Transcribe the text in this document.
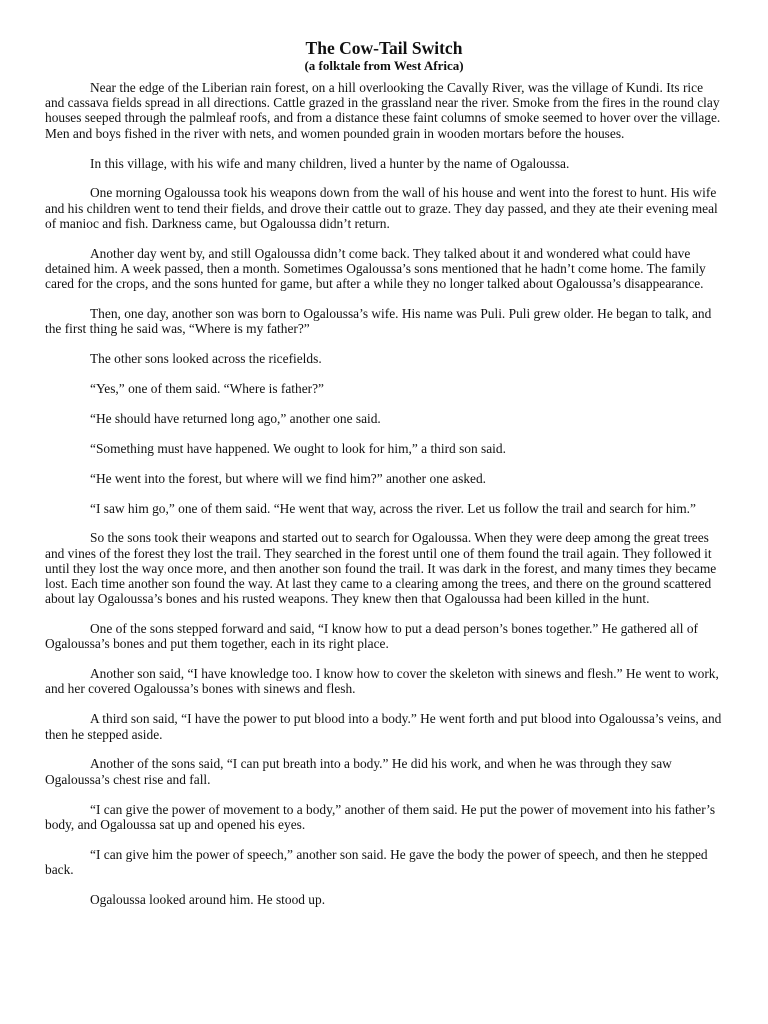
The Cow-Tail Switch
(a folktale from West Africa)

Near the edge of the Liberian rain forest, on a hill overlooking the Cavally River, was the village of Kundi. Its rice and cassava fields spread in all directions. Cattle grazed in the grassland near the river. Smoke from the fires in the round clay houses seeped through the palmleaf roofs, and from a distance these faint columns of smoke seemed to hover over the village. Men and boys fished in the river with nets, and women pounded grain in wooden mortars before the houses.

In this village, with his wife and many children, lived a hunter by the name of Ogaloussa.

One morning Ogaloussa took his weapons down from the wall of his house and went into the forest to hunt. His wife and his children went to tend their fields, and drove their cattle out to graze. They day passed, and they ate their evening meal of manioc and fish. Darkness came, but Ogaloussa didn’t return.

Another day went by, and still Ogaloussa didn’t come back. They talked about it and wondered what could have detained him. A week passed, then a month. Sometimes Ogaloussa’s sons mentioned that he hadn’t come home. The family cared for the crops, and the sons hunted for game, but after a while they no longer talked about Ogaloussa’s disappearance.

Then, one day, another son was born to Ogaloussa’s wife. His name was Puli. Puli grew older. He began to talk, and the first thing he said was, “Where is my father?”

The other sons looked across the ricefields.

“Yes,” one of them said. “Where is father?”

“He should have returned long ago,” another one said.

“Something must have happened. We ought to look for him,” a third son said.

“He went into the forest, but where will we find him?” another one asked.

“I saw him go,” one of them said. “He went that way, across the river. Let us follow the trail and search for him.”

So the sons took their weapons and started out to search for Ogaloussa. When they were deep among the great trees and vines of the forest they lost the trail. They searched in the forest until one of them found the trail again. They followed it until they lost the way once more, and then another son found the trail. It was dark in the forest, and many times they became lost. Each time another son found the way. At last they came to a clearing among the trees, and there on the ground scattered about lay Ogaloussa’s bones and his rusted weapons. They knew then that Ogaloussa had been killed in the hunt.

One of the sons stepped forward and said, “I know how to put a dead person’s bones together.” He gathered all of Ogaloussa’s bones and put them together, each in its right place.

Another son said, “I have knowledge too. I know how to cover the skeleton with sinews and flesh.” He went to work, and her covered Ogaloussa’s bones with sinews and flesh.

A third son said, “I have the power to put blood into a body.” He went forth and put blood into Ogaloussa’s veins, and then he stepped aside.

Another of the sons said, “I can put breath into a body.” He did his work, and when he was through they saw Ogaloussa’s chest rise and fall.

“I can give the power of movement to a body,” another of them said. He put the power of movement into his father’s body, and Ogaloussa sat up and opened his eyes.

“I can give him the power of speech,” another son said. He gave the body the power of speech, and then he stepped back.

Ogaloussa looked around him. He stood up.
